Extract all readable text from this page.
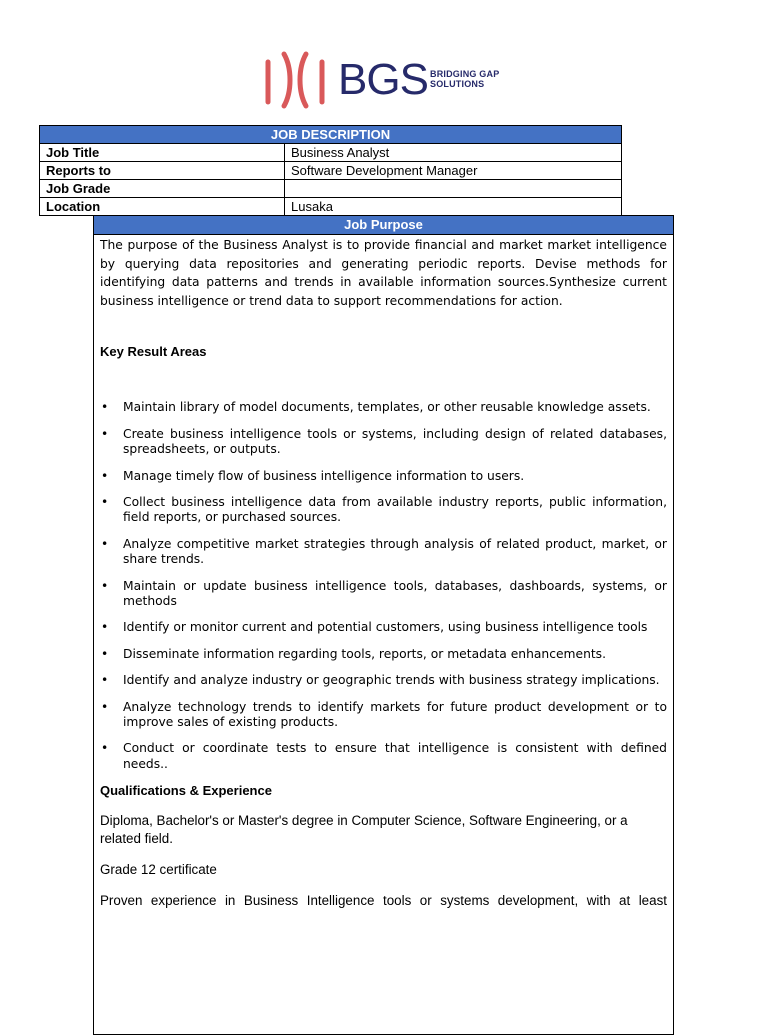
BGS BRIDGING GAP
SOLUTIONS
JOB DESCRIPTION	
Job Title	Business Analyst
Reports to	Software Development Manager
Job Grade	
Location	Lusaka
Job Purpose

The purpose of the Business Analyst is to provide financial and market market intelligence by querying data repositories and generating periodic reports. Devise methods for identifying data patterns and trends in available information sources.Synthesize current business intelligence or trend data to support recommendations for action.

Key Result Areas
• Maintain library of model documents, templates, or other reusable knowledge assets.
• Create business intelligence tools or systems, including design of related databases, spreadsheets, or outputs.
• Manage timely flow of business intelligence information to users.
• Collect business intelligence data from available industry reports, public information, field reports, or purchased sources.
• Analyze competitive market strategies through analysis of related product, market, or share trends.
• Maintain or update business intelligence tools, databases, dashboards, systems, or methods
• Identify or monitor current and potential customers, using business intelligence tools
• Disseminate information regarding tools, reports, or metadata enhancements.
• Identify and analyze industry or geographic trends with business strategy implications.
• Analyze technology trends to identify markets for future product development or to improve sales of existing products.
• Conduct or coordinate tests to ensure that intelligence is consistent with defined needs..
Qualifications & Experience

Diploma, Bachelor's or Master's degree in Computer Science, Software Engineering, or a related field.

Grade 12 certificate

Proven experience in Business Intelligence tools or systems development, with at least
